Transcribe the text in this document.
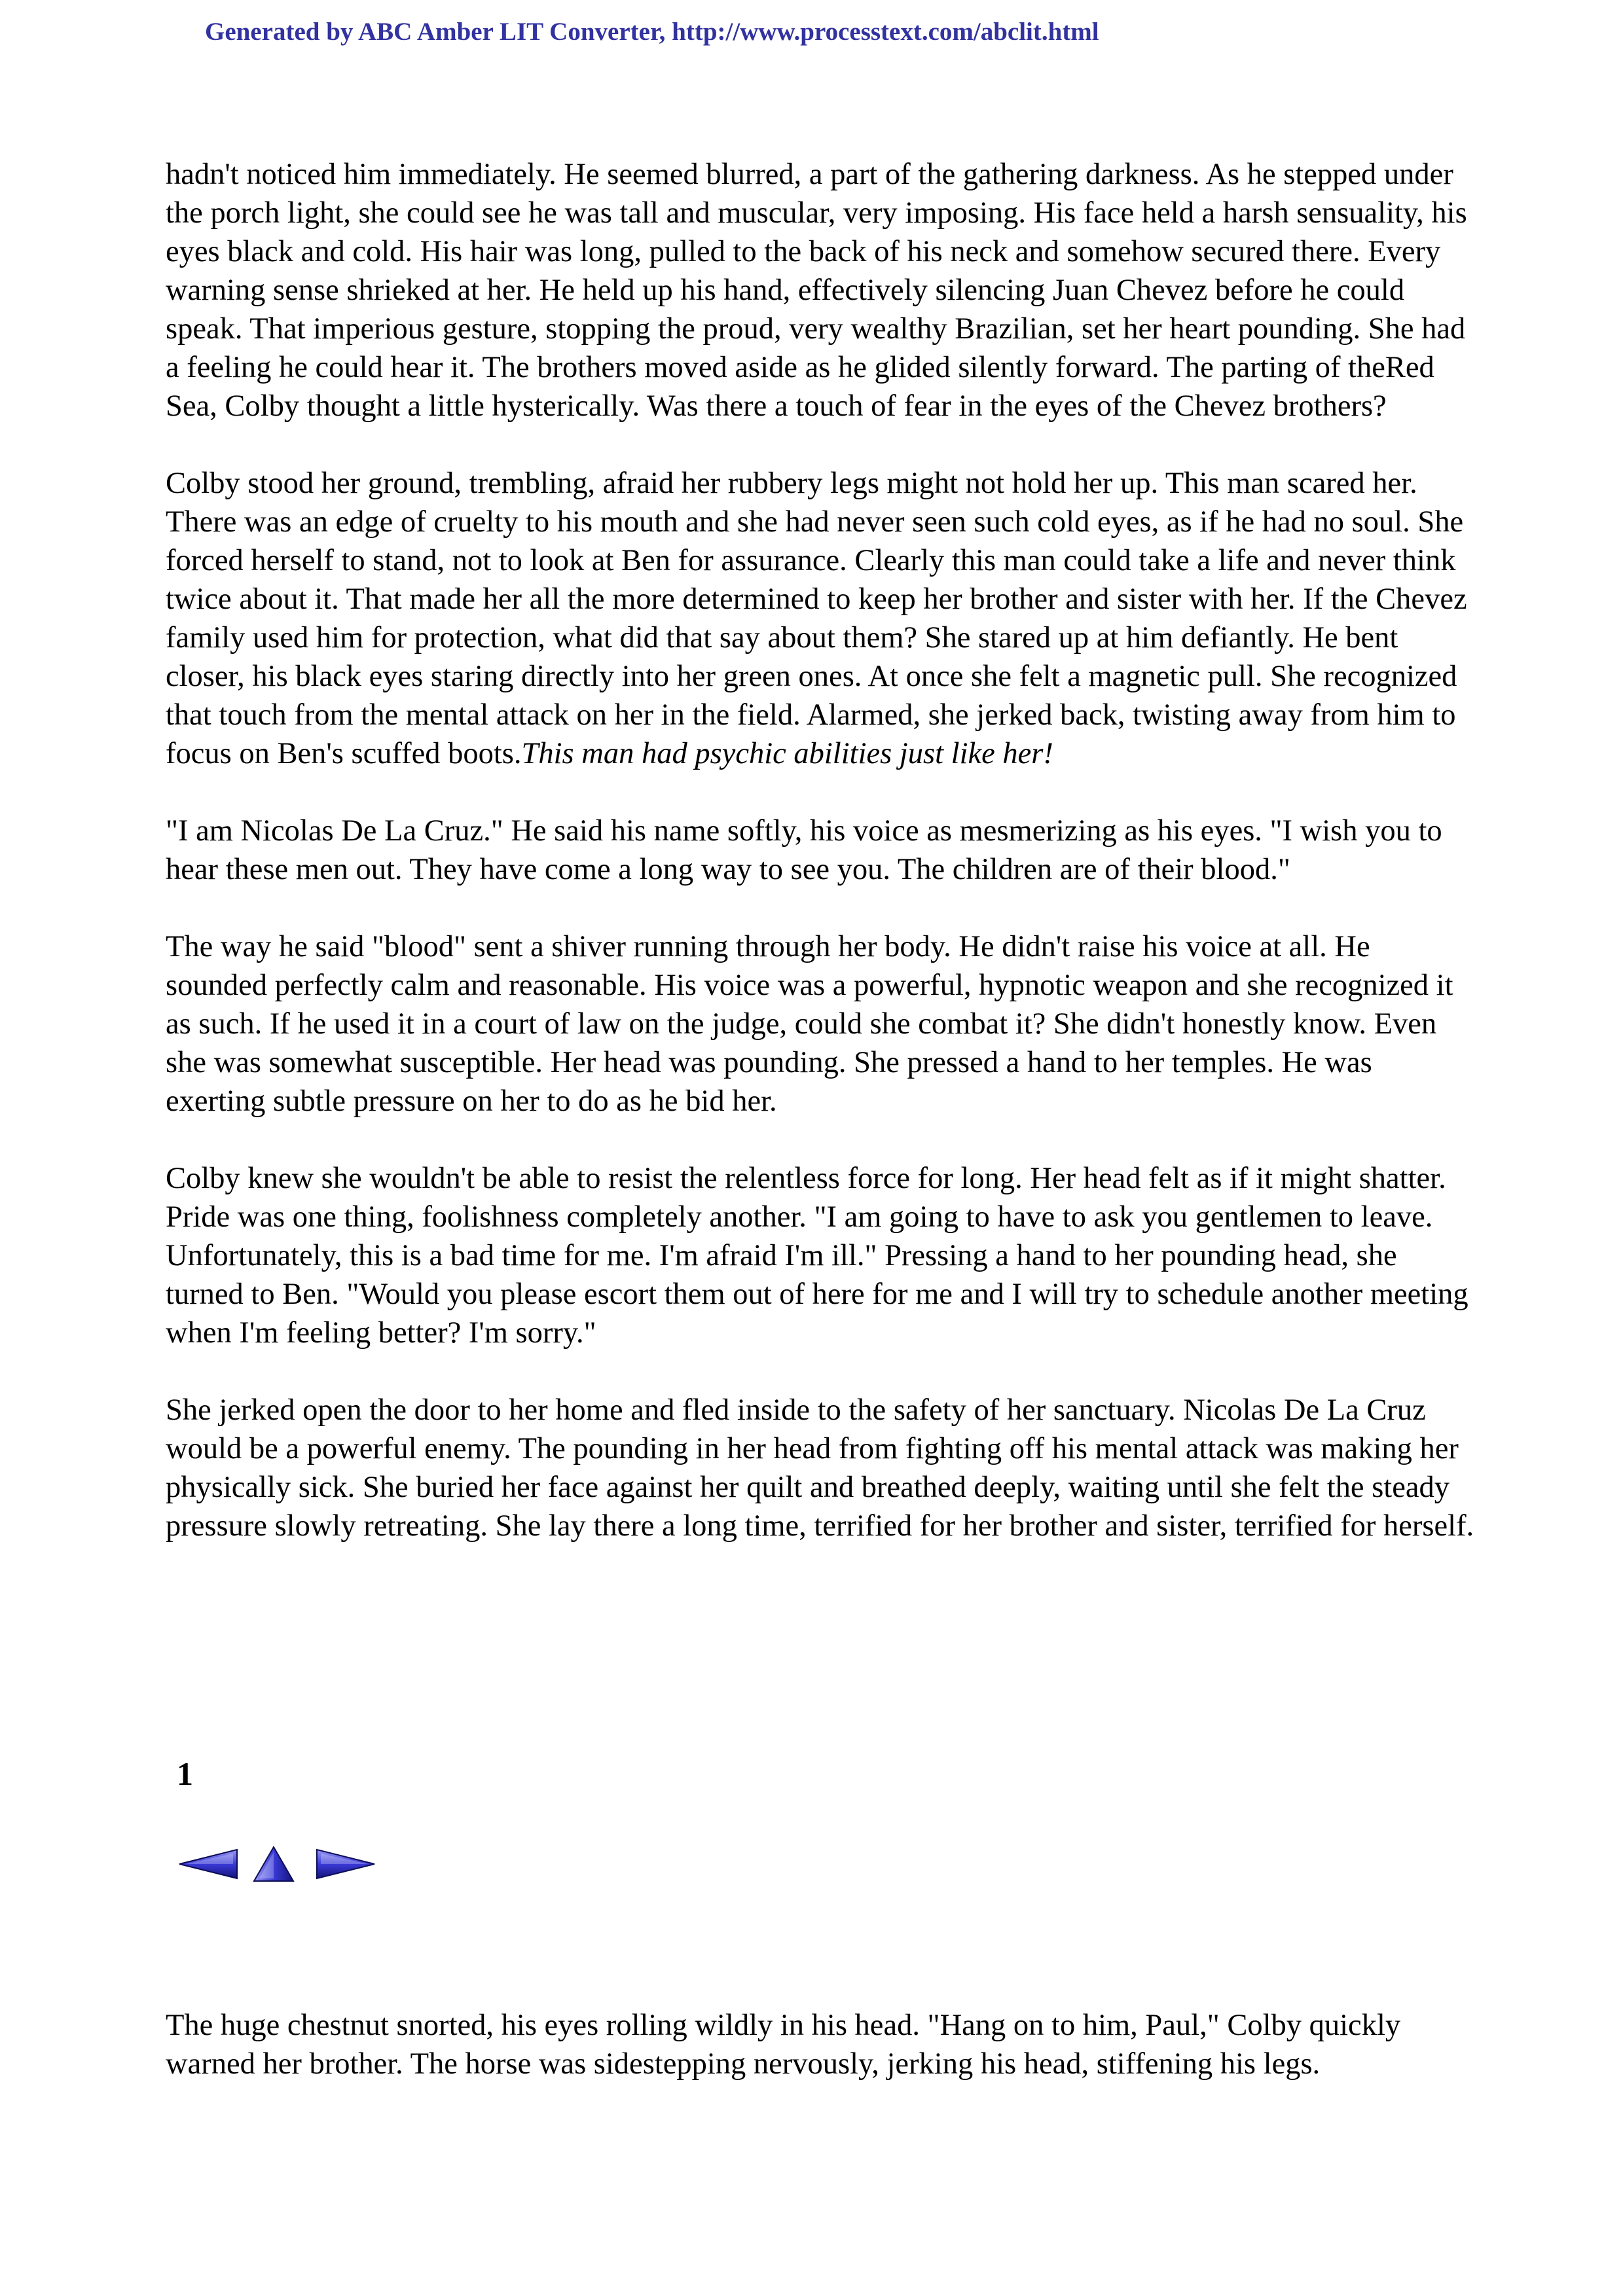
Generated by ABC Amber LIT Converter, http://www.processtext.com/abclit.html

hadn't noticed him immediately. He seemed blurred, a part of the gathering darkness. As he stepped under the porch light, she could see he was tall and muscular, very imposing. His face held a harsh sensuality, his eyes black and cold. His hair was long, pulled to the back of his neck and somehow secured there. Every warning sense shrieked at her. He held up his hand, effectively silencing Juan Chevez before he could speak. That imperious gesture, stopping the proud, very wealthy Brazilian, set her heart pounding. She had a feeling he could hear it. The brothers moved aside as he glided silently forward. The parting of theRed Sea, Colby thought a little hysterically. Was there a touch of fear in the eyes of the Chevez brothers?

Colby stood her ground, trembling, afraid her rubbery legs might not hold her up. This man scared her. There was an edge of cruelty to his mouth and she had never seen such cold eyes, as if he had no soul. She forced herself to stand, not to look at Ben for assurance. Clearly this man could take a life and never think twice about it. That made her all the more determined to keep her brother and sister with her. If the Chevez family used him for protection, what did that say about them? She stared up at him defiantly. He bent closer, his black eyes staring directly into her green ones. At once she felt a magnetic pull. She recognized that touch from the mental attack on her in the field. Alarmed, she jerked back, twisting away from him to focus on Ben's scuffed boots.This man had psychic abilities just like her!

"I am Nicolas De La Cruz." He said his name softly, his voice as mesmerizing as his eyes. "I wish you to hear these men out. They have come a long way to see you. The children are of their blood."

The way he said "blood" sent a shiver running through her body. He didn't raise his voice at all. He sounded perfectly calm and reasonable. His voice was a powerful, hypnotic weapon and she recognized it as such. If he used it in a court of law on the judge, could she combat it? She didn't honestly know. Even she was somewhat susceptible. Her head was pounding. She pressed a hand to her temples. He was exerting subtle pressure on her to do as he bid her.

Colby knew she wouldn't be able to resist the relentless force for long. Her head felt as if it might shatter. Pride was one thing, foolishness completely another. "I am going to have to ask you gentlemen to leave. Unfortunately, this is a bad time for me. I'm afraid I'm ill." Pressing a hand to her pounding head, she turned to Ben. "Would you please escort them out of here for me and I will try to schedule another meeting when I'm feeling better? I'm sorry."

She jerked open the door to her home and fled inside to the safety of her sanctuary. Nicolas De La Cruz would be a powerful enemy. The pounding in her head from fighting off his mental attack was making her physically sick. She buried her face against her quilt and breathed deeply, waiting until she felt the steady pressure slowly retreating. She lay there a long time, terrified for her brother and sister, terrified for herself.

1

The huge chestnut snorted, his eyes rolling wildly in his head. "Hang on to him, Paul," Colby quickly warned her brother. The horse was sidestepping nervously, jerking his head, stiffening his legs.
